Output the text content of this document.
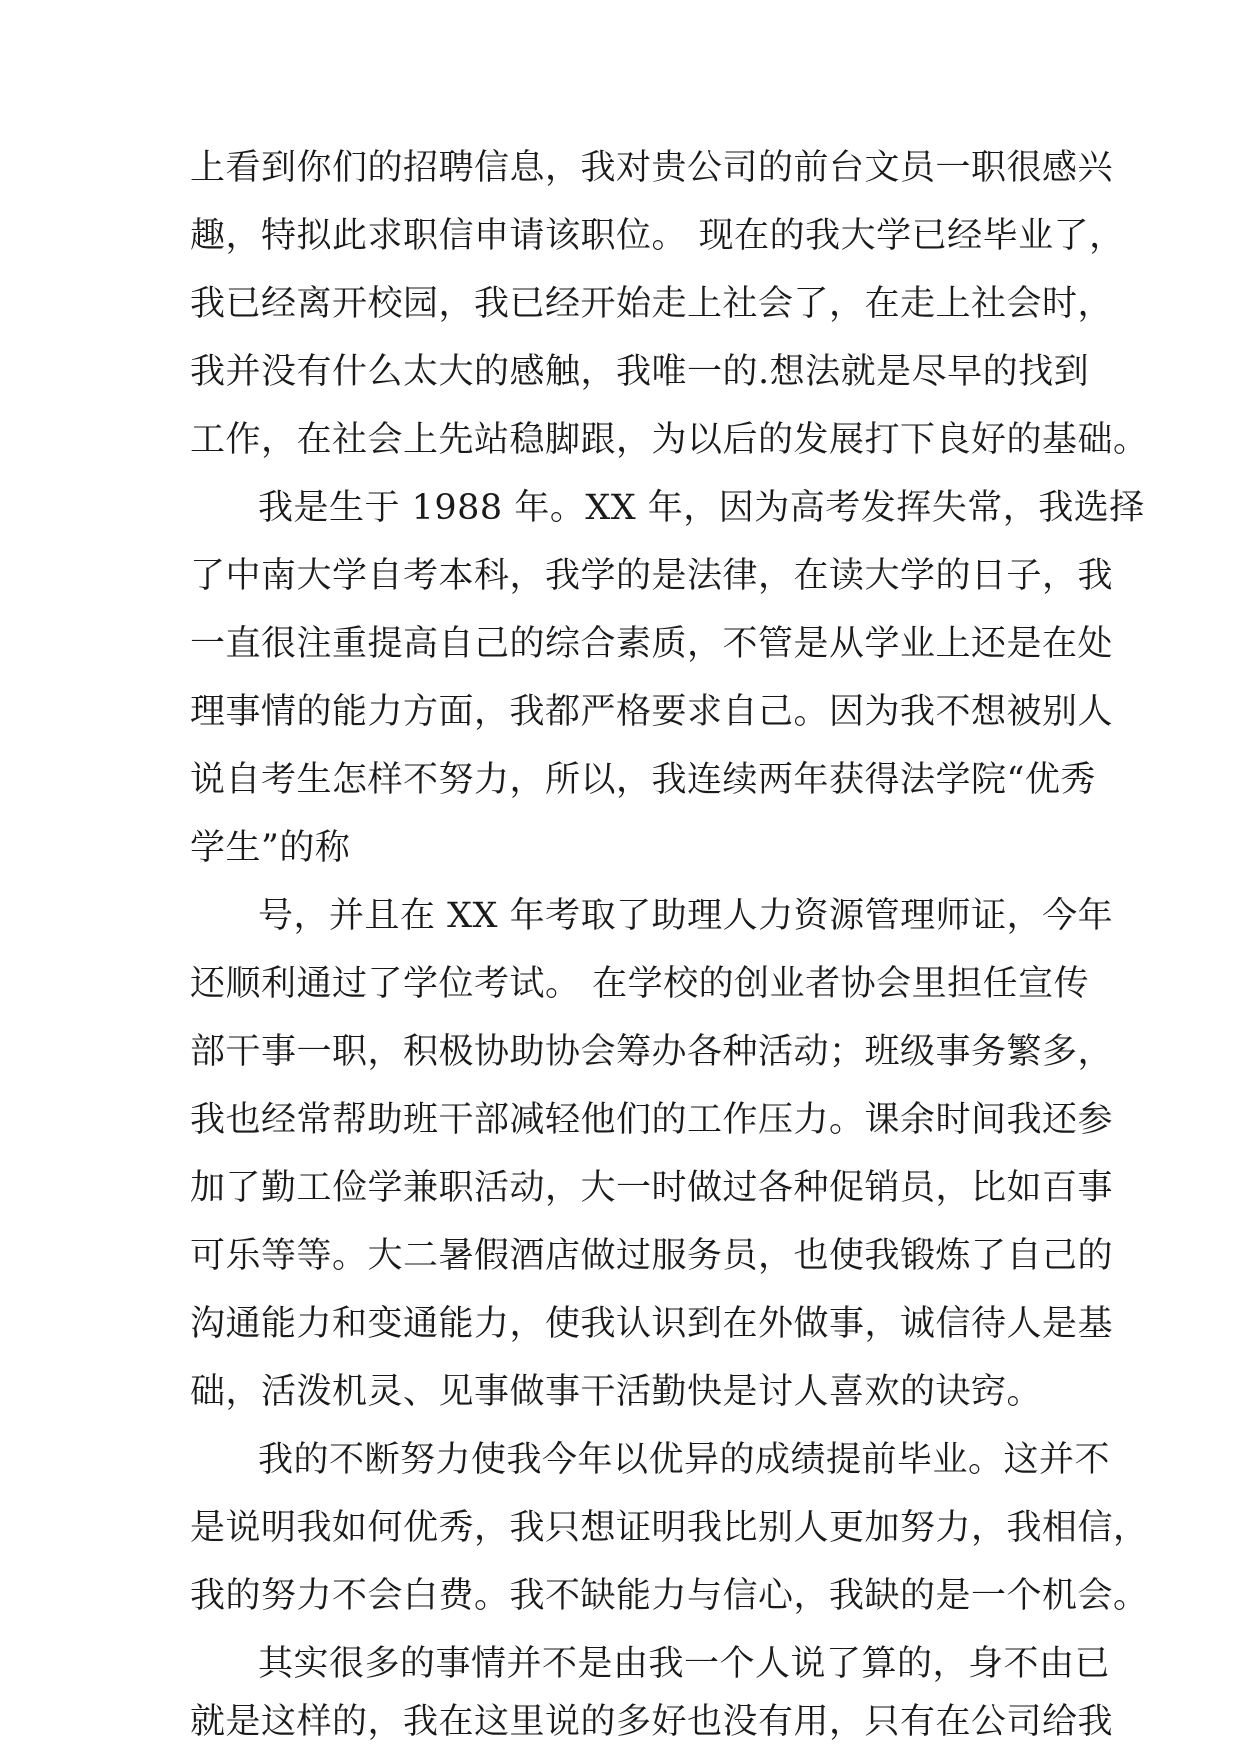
上看到你们的招聘信息，我对贵公司的前台文员一职很感兴
趣，特拟此求职信申请该职位。 现在的我大学已经毕业了，
我已经离开校园，我已经开始走上社会了，在走上社会时，
我并没有什么太大的感触，我唯一的.想法就是尽早的找到
工作，在社会上先站稳脚跟，为以后的发展打下良好的基础。
我是生于 1988 年。XX 年，因为高考发挥失常，我选择
了中南大学自考本科，我学的是法律，在读大学的日子，我
一直很注重提高自己的综合素质，不管是从学业上还是在处
理事情的能力方面，我都严格要求自己。因为我不想被别人
说自考生怎样不努力，所以，我连续两年获得法学院“优秀
学生”的称
号，并且在 XX 年考取了助理人力资源管理师证，今年
还顺利通过了学位考试。 在学校的创业者协会里担任宣传
部干事一职，积极协助协会筹办各种活动；班级事务繁多，
我也经常帮助班干部减轻他们的工作压力。课余时间我还参
加了勤工俭学兼职活动，大一时做过各种促销员，比如百事
可乐等等。大二暑假酒店做过服务员，也使我锻炼了自己的
沟通能力和变通能力，使我认识到在外做事，诚信待人是基
础，活泼机灵、见事做事干活勤快是讨人喜欢的诀窍。
我的不断努力使我今年以优异的成绩提前毕业。这并不
是说明我如何优秀，我只想证明我比别人更加努力，我相信，
我的努力不会白费。我不缺能力与信心，我缺的是一个机会。
其实很多的事情并不是由我一个人说了算的，身不由已
就是这样的，我在这里说的多好也没有用，只有在公司给我
